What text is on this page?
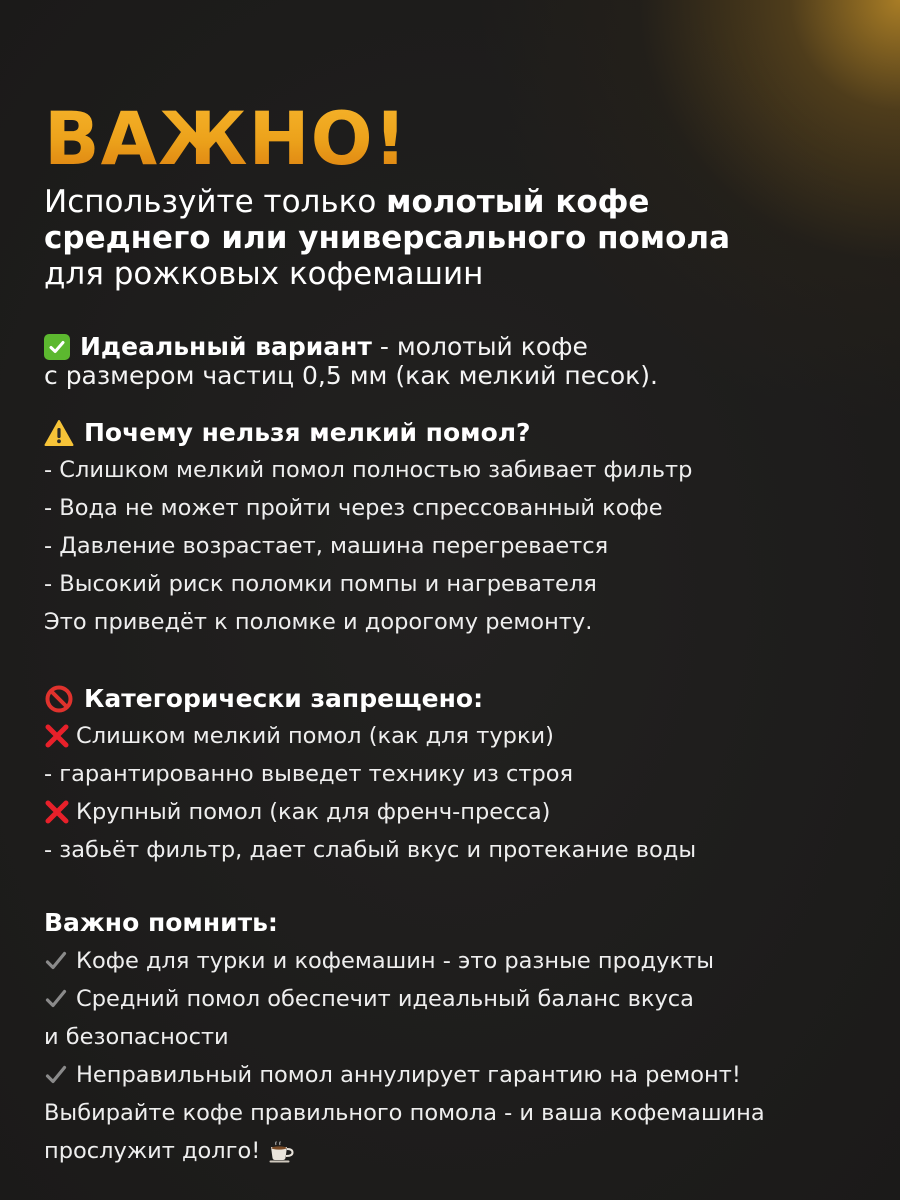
ВАЖНО!
Используйте только молотый кофе
среднего или универсального помола
для рожковых кофемашин
Идеальный вариант - молотый кофе
с размером частиц 0,5 мм (как мелкий песок).
Почему нельзя мелкий помол?
- Слишком мелкий помол полностью забивает фильтр
- Вода не может пройти через спрессованный кофе
- Давление возрастает, машина перегревается
- Высокий риск поломки помпы и нагревателя
Это приведёт к поломке и дорогому ремонту.
Категорически запрещено:
Слишком мелкий помол (как для турки)
- гарантированно выведет технику из строя
Крупный помол (как для френч-пресса)
- забьёт фильтр, дает слабый вкус и протекание воды
Важно помнить:
Кофе для турки и кофемашин - это разные продукты
Средний помол обеспечит идеальный баланс вкуса
и безопасности
Неправильный помол аннулирует гарантию на ремонт!
Выбирайте кофе правильного помола - и ваша кофемашина
прослужит долго!
